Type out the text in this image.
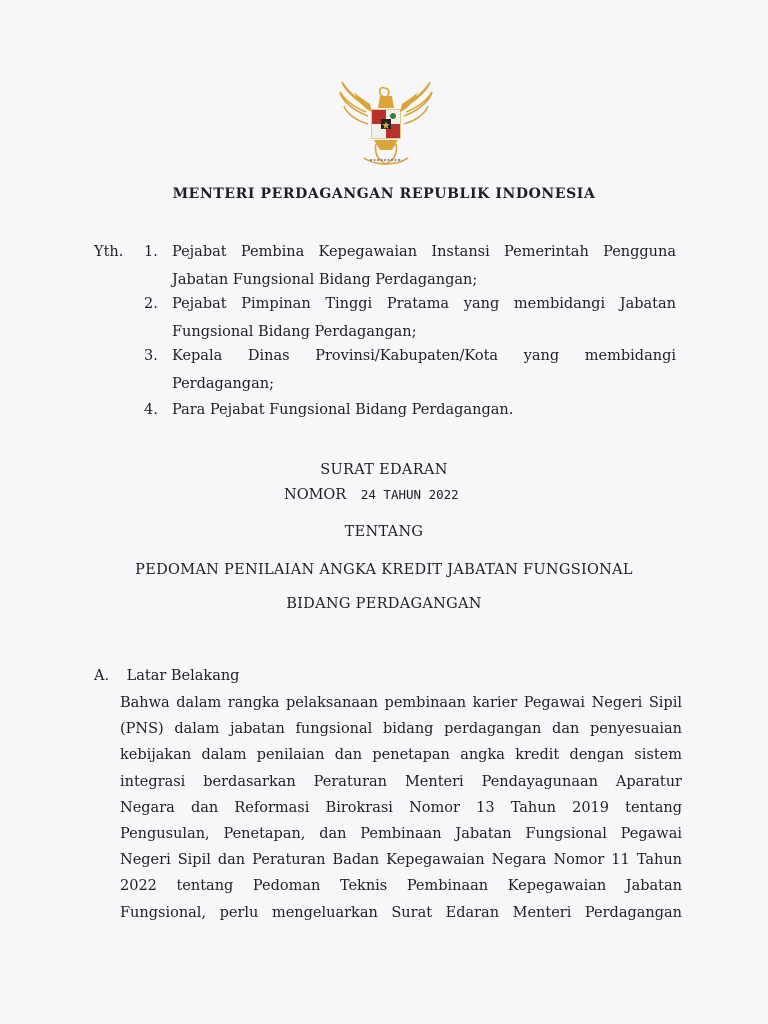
MENTERI PERDAGANGAN REPUBLIK INDONESIA
Yth. 1. Pejabat Pembina Kepegawaian Instansi Pemerintah Pengguna
Jabatan Fungsional Bidang Perdagangan;
2. Pejabat Pimpinan Tinggi Pratama yang membidangi Jabatan
Fungsional Bidang Perdagangan;
3. Kepala Dinas Provinsi/Kabupaten/Kota yang membidangi
Perdagangan;
4. Para Pejabat Fungsional Bidang Perdagangan.
SURAT EDARAN
NOMOR 24 TAHUN 2022
TENTANG
PEDOMAN PENILAIAN ANGKA KREDIT JABATAN FUNGSIONAL
BIDANG PERDAGANGAN
A. Latar Belakang
Bahwa dalam rangka pelaksanaan pembinaan karier Pegawai Negeri Sipil
(PNS) dalam jabatan fungsional bidang perdagangan dan penyesuaian
kebijakan dalam penilaian dan penetapan angka kredit dengan sistem
integrasi berdasarkan Peraturan Menteri Pendayagunaan Aparatur
Negara dan Reformasi Birokrasi Nomor 13 Tahun 2019 tentang
Pengusulan, Penetapan, dan Pembinaan Jabatan Fungsional Pegawai
Negeri Sipil dan Peraturan Badan Kepegawaian Negara Nomor 11 Tahun
2022 tentang Pedoman Teknis Pembinaan Kepegawaian Jabatan
Fungsional, perlu mengeluarkan Surat Edaran Menteri Perdagangan
